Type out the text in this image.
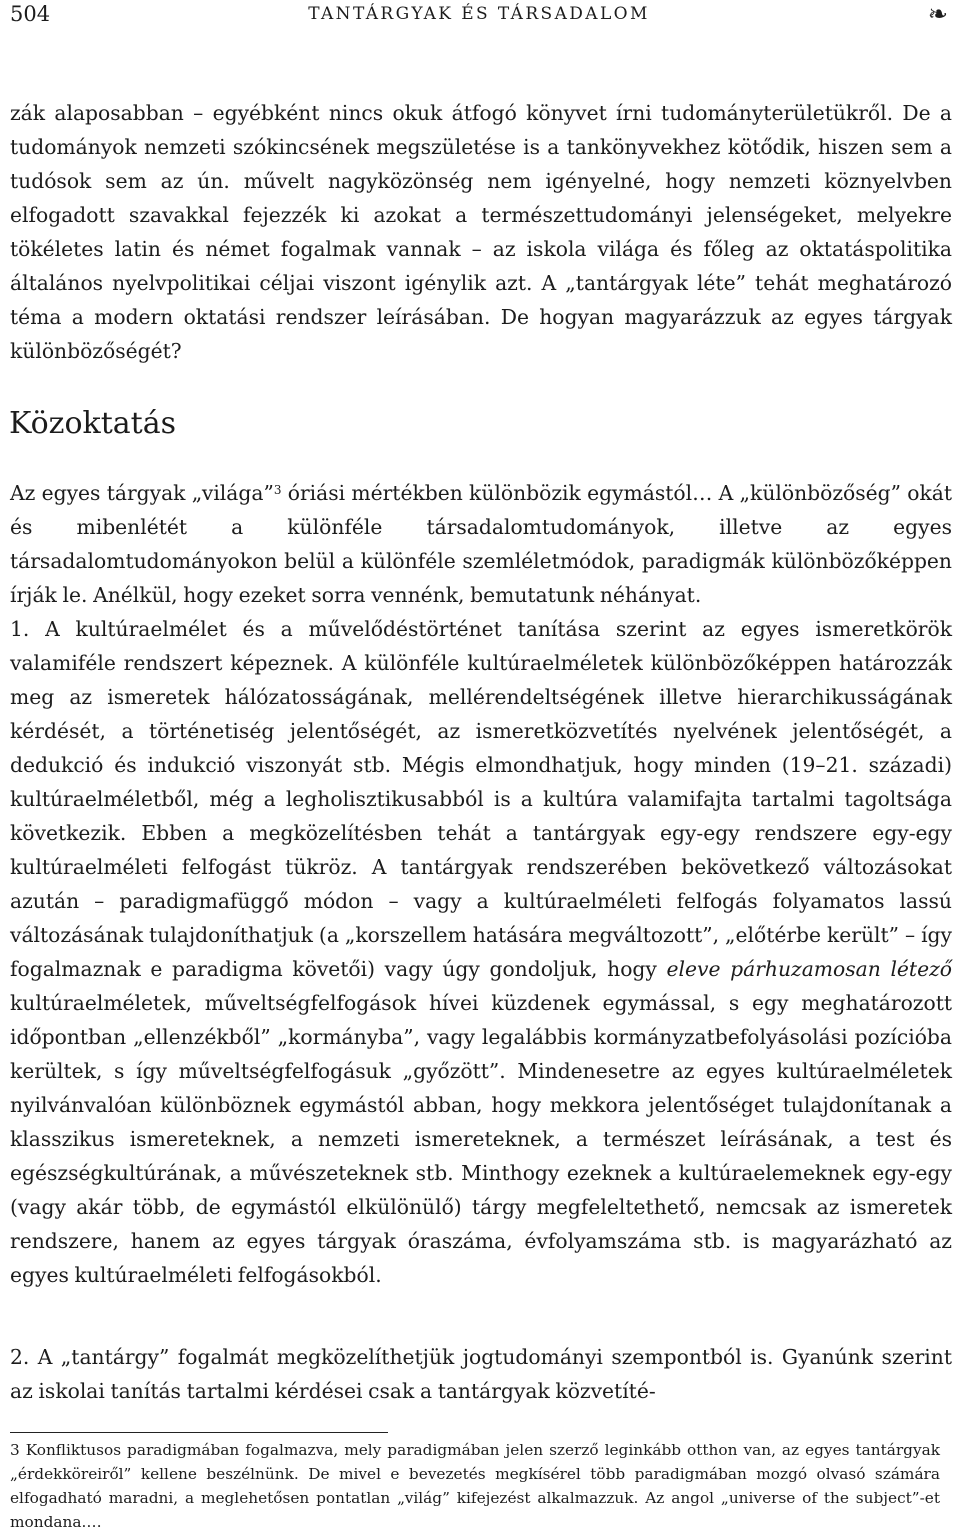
504	TANTÁRGYAK ÉS TÁRSADALOM	❧

zák alaposabban – egyébként nincs okuk átfogó könyvet írni tudományterületükről. De a tudományok nemzeti szókincsének megszületése is a tankönyvekhez kötődik, hiszen sem a tudósok sem az ún. művelt nagyközönség nem igényelné, hogy nemzeti köznyelvben elfogadott szavakkal fejezzék ki azokat a természettudományi jelenségeket, melyekre tökéletes latin és német fogalmak vannak – az iskola világa és főleg az oktatáspolitika általános nyelvpolitikai céljai viszont igénylik azt. A „tantárgyak léte” tehát meghatározó téma a modern oktatási rendszer leírásában. De hogyan magyarázzuk az egyes tárgyak különbözőségét?

Közoktatás

Az egyes tárgyak „világa”$^3$ óriási mértékben különbözik egymástól… A „különbözőség” okát és mibenlétét a különféle társadalomtudományok, illetve az egyes társadalomtudományokon belül a különféle szemléletmódok, paradigmák különbözőképpen írják le. Anélkül, hogy ezeket sorra vennénk, bemutatunk néhányat.

1. A kultúraelmélet és a művelődéstörténet tanítása szerint az egyes ismeretkörök valamiféle rendszert képeznek. A különféle kultúraelméletek különbözőképpen határozzák meg az ismeretek hálózatosságának, mellérendeltségének illetve hierarchikusságának kérdését, a történetiség jelentőségét, az ismeretközvetítés nyelvének jelentőségét, a dedukció és indukció viszonyát stb. Mégis elmondhatjuk, hogy minden (19–21. századi) kultúraelméletből, még a legholisztikusabból is a kultúra valamifajta tartalmi tagoltsága következik. Ebben a megközelítésben tehát a tantárgyak egy-egy rendszere egy-egy kultúraelméleti felfogást tükröz. A tantárgyak rendszerében bekövetkező változásokat azután – paradigmafüggő módon – vagy a kultúraelméleti felfogás folyamatos lassú változásának tulajdoníthatjuk (a „korszellem hatására megváltozott”, „előtérbe került” – így fogalmaznak e paradigma követői) vagy úgy gondoljuk, hogy eleve párhuzamosan létező kultúraelméletek, műveltségfelfogások hívei küzdenek egymással, s egy meghatározott időpontban „ellenzékből” „kormányba”, vagy legalábbis kormányzatbefolyásolási pozícióba kerültek, s így műveltségfelfogásuk „győzött”. Mindenesetre az egyes kultúraelméletek nyilvánvalóan különböznek egymástól abban, hogy mekkora jelentőséget tulajdonítanak a klasszikus ismereteknek, a nemzeti ismereteknek, a természet leírásának, a test és egészségkultúrának, a művészeteknek stb. Minthogy ezeknek a kultúraelemeknek egy-egy (vagy akár több, de egymástól elkülönülő) tárgy megfeleltethető, nemcsak az ismeretek rendszere, hanem az egyes tárgyak óraszáma, évfolyamszáma stb. is magyarázható az egyes kultúraelméleti felfogásokból.

2. A „tantárgy” fogalmát megközelíthetjük jogtudományi szempontból is. Gyanúnk szerint az iskolai tanítás tartalmi kérdései csak a tantárgyak közvetíté-

3 Konfliktusos paradigmában fogalmazva, mely paradigmában jelen szerző leginkább otthon van, az egyes tantárgyak „érdekköreiről” kellene beszélnünk. De mivel e bevezetés megkísérel több paradigmában mozgó olvasó számára elfogadható maradni, a meglehetősen pontatlan „világ” kifejezést alkalmazzuk. Az angol „universe of the subject”-et mondana.…
